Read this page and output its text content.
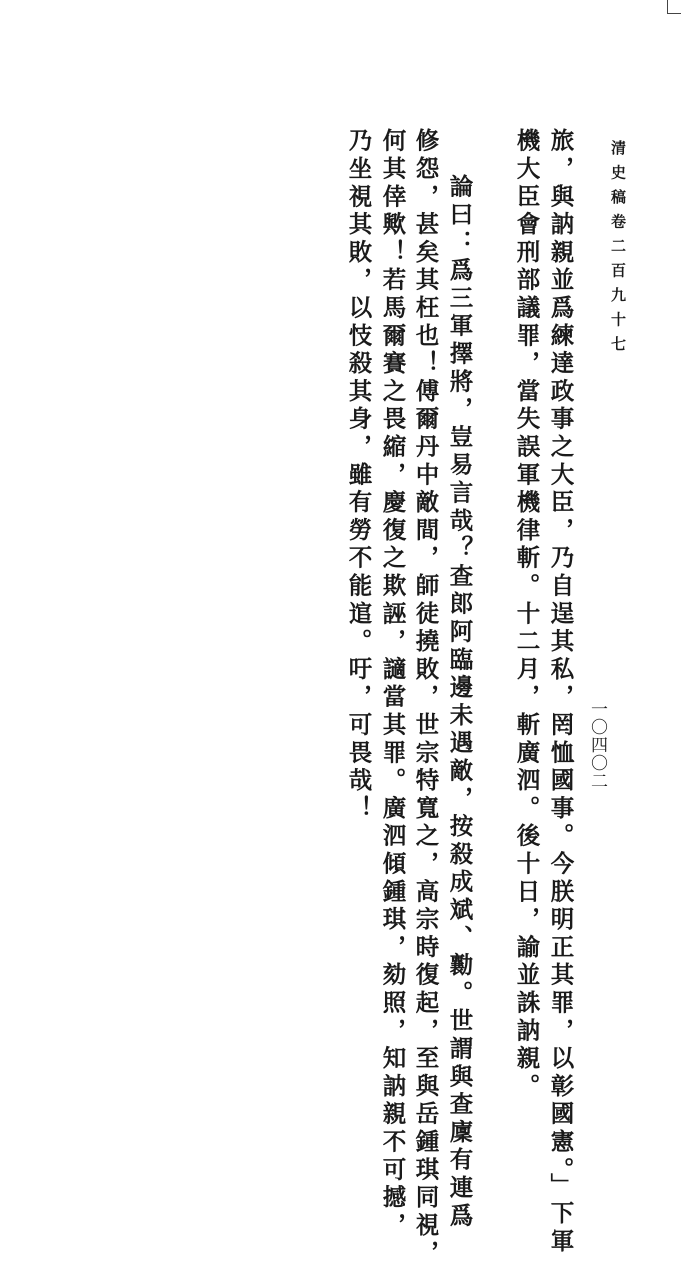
清史稿卷二百九十七
一〇四〇二
旅，與訥親並爲練達政事之大臣，乃自逞其私，罔恤國事。今朕明正其罪，以彰國憲。」下軍
機大臣會刑部議罪，當失誤軍機律斬。十二月，斬廣泗。後十日，諭並誅訥親。
論曰：爲三軍擇將，豈易言哉？查郎阿臨邊未遇敵，按殺成斌、勷。世謂與查廩有連爲
修怨，甚矣其枉也！傅爾丹中敵間，師徒撓敗，世宗特寬之，高宗時復起，至與岳鍾琪同視，
何其倖歟！若馬爾賽之畏縮，慶復之欺誣，讁當其罪。廣泗傾鍾琪，劾照，知訥親不可撼，
乃坐視其敗，以忮殺其身，雖有勞不能逭。吁，可畏哉！
